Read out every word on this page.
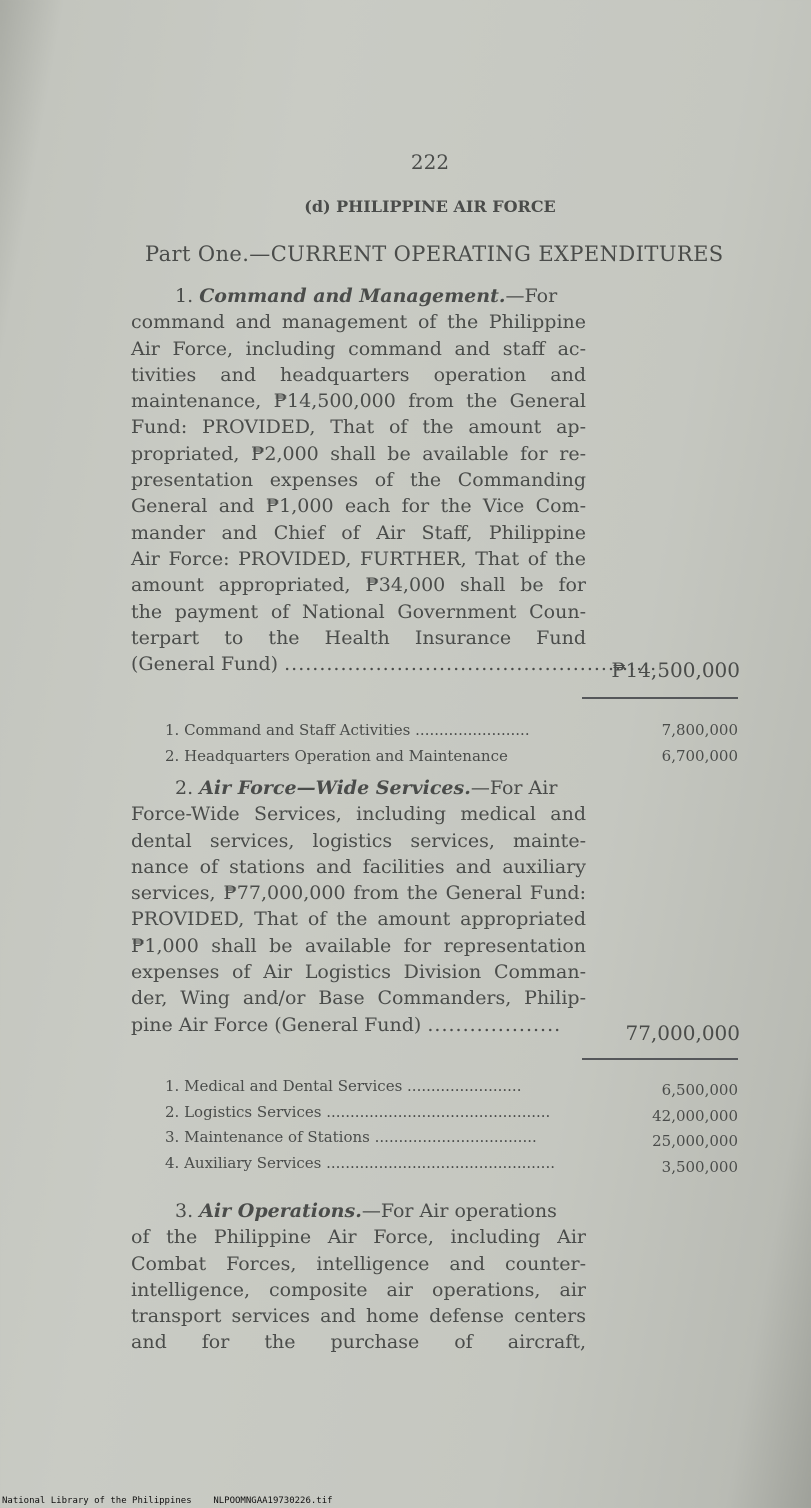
222
(d) PHILIPPINE AIR FORCE
Part One.—CURRENT OPERATING EXPENDITURES
1. Command and Management.—For
command and management of the Philippine
Air Force, including command and staff ac-
tivities and headquarters operation and
maintenance, ₱14,500,000 from the General
Fund: PROVIDED, That of the amount ap-
propriated, ₱2,000 shall be available for re-
presentation expenses of the Commanding
General and ₱1,000 each for the Vice Com-
mander and Chief of Air Staff, Philippine
Air Force: PROVIDED, FURTHER, That of the
amount appropriated, ₱34,000 shall be for
the payment of National Government Coun-
terpart to the Health Insurance Fund
(General Fund) .....................................................
₱14,500,000
1. Command and Staff Activities ........................
2. Headquarters Operation and Maintenance
7,800,000
6,700,000
2. Air Force—Wide Services.—For Air
Force-Wide Services, including medical and
dental services, logistics services, mainte-
nance of stations and facilities and auxiliary
services, ₱77,000,000 from the General Fund:
PROVIDED, That of the amount appropriated
₱1,000 shall be available for representation
expenses of Air Logistics Division Comman-
der, Wing and/or Base Commanders, Philip-
pine Air Force (General Fund) ...................	77,000,000
1. Medical and Dental Services ........................
2. Logistics Services ...............................................
3. Maintenance of Stations ..................................
4. Auxiliary Services ................................................
6,500,000
42,000,000
25,000,000
3,500,000
3. Air Operations.—For Air operations
of the Philippine Air Force, including Air
Combat Forces, intelligence and counter-
intelligence, composite air operations, air
transport services and home defense centers
and for the purchase of aircraft,
National Library of the Philippines NLPOOMNGAA19730226.tif
